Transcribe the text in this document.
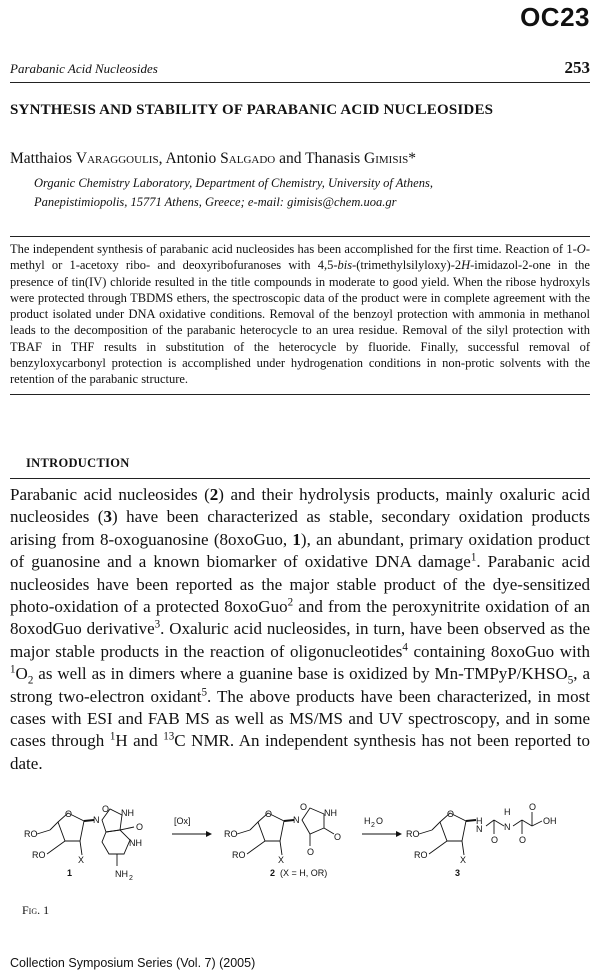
OC23
Parabanic Acid Nucleosides	253
SYNTHESIS AND STABILITY OF PARABANIC ACID NUCLEOSIDES
Matthaios Varaggoulis, Antonio Salgado and Thanasis Gimisis*
Organic Chemistry Laboratory, Department of Chemistry, University of Athens,
Panepistimiopolis, 15771 Athens, Greece; e-mail: gimisis@chem.uoa.gr
The independent synthesis of parabanic acid nucleosides has been accomplished for the first time. Reaction of 1-O-methyl or 1-acetoxy ribo- and deoxyribofuranoses with 4,5-bis-(trimethylsilyloxy)-2H-imidazol-2-one in the presence of tin(IV) chloride resulted in the title compounds in moderate to good yield. When the ribose hydroxyls were protected through TBDMS ethers, the spectroscopic data of the product were in complete agreement with the product isolated under DNA oxidative conditions. Removal of the benzoyl protection with ammonia in methanol leads to the decomposition of the parabanic heterocycle to an urea residue. Removal of the silyl protection with TBAF in THF results in substitution of the heterocycle by fluoride. Finally, successful removal of benzyloxycarbonyl protection is accomplished under hydrogenation conditions in non-protic solvents with the retention of the parabanic structure.
INTRODUCTION
Parabanic acid nucleosides (2) and their hydrolysis products, mainly oxaluric acid nucleosides (3) have been characterized as stable, secondary oxidation products arising from 8-oxoguanosine (8oxoGuo, 1), an abundant, primary oxidation product of guanosine and a known biomarker of oxidative DNA damage$^1$. Parabanic acid nucleosides have been reported as the major stable product of the dye-sensitized photo-oxidation of a protected 8oxoGuo$^2$ and from the peroxynitrite oxidation of an 8oxodGuo derivative$^3$. Oxaluric acid nucleosides, in turn, have been observed as the major stable products in the reaction of oligonucleotides$^4$ containing 8oxoGuo with $^1O_2$ as well as in dimers where a guanine base is oxidized by $Mn-TMPyP/KHSO_5$, a strong two-electron oxidant$^5$. The above products have been characterized, in most cases with ESI and FAB MS as well as MS/MS and UV spectroscopy, and in some cases through $^1$H and $^{13}$C NMR. An independent synthesis has not been reported to date.
RO
O
RO	X
N
O NH
O
NH
NH 2
1
[Ox]
RO
O
RO	X
N
O
NH
O
O
2 (X = H, OR)
H 2 O
RO
O
RO	X
H
N
O
H
N
O
O
OH
3
Fig. 1
Collection Symposium Series (Vol. 7) (2005)
